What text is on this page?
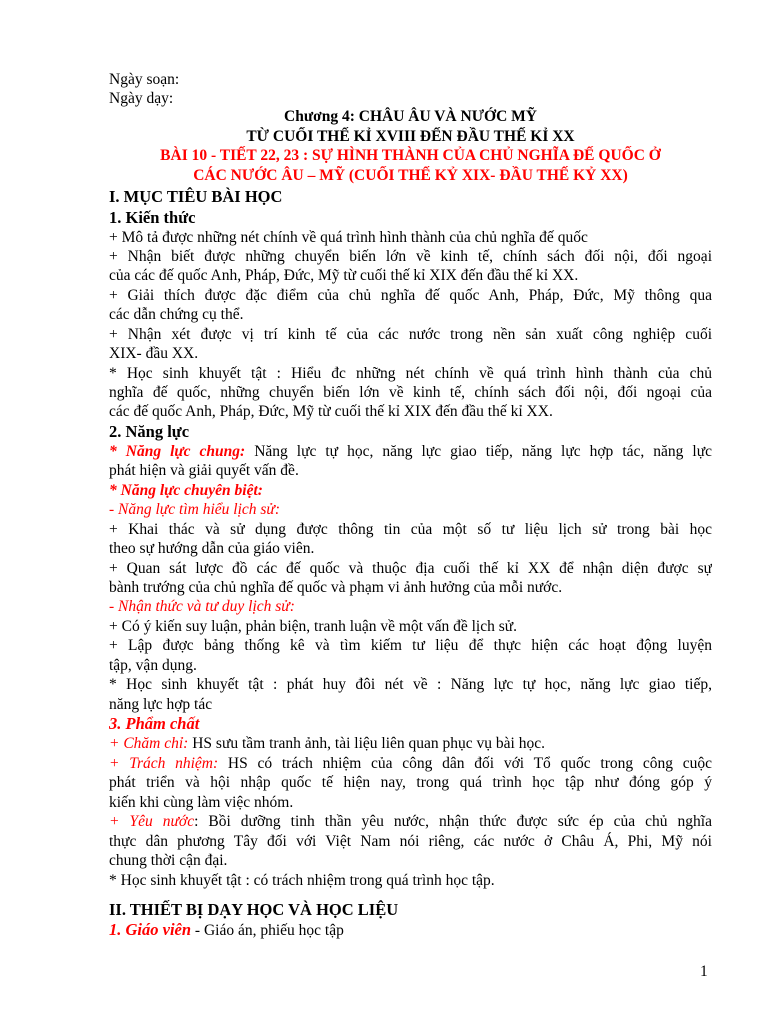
Ngày soạn:
Ngày dạy:
Chương 4: CHÂU ÂU VÀ NƯỚC MỸ
TỪ CUỐI THẾ KỈ XVIII ĐẾN ĐẦU THẾ KỈ XX
BÀI 10 - TIẾT 22, 23 : SỰ HÌNH THÀNH CỦA CHỦ NGHĨA ĐẾ QUỐC Ở
CÁC NƯỚC ÂU – MỸ (CUỐI THẾ KỶ XIX- ĐẦU THẾ KỶ XX)
I. MỤC TIÊU BÀI HỌC
1. Kiến thức
+ Mô tả được những nét chính về quá trình hình thành của chủ nghĩa đế quốc
+ Nhận biết được những chuyển biến lớn về kinh tế, chính sách đối nội, đối ngoại
của các đế quốc Anh, Pháp, Đức, Mỹ từ cuối thế kỉ XIX đến đầu thế kỉ XX.
+ Giải thích được đặc điểm của chủ nghĩa đế quốc Anh, Pháp, Đức, Mỹ thông qua
các dẫn chứng cụ thể.
+ Nhận xét được vị trí kinh tế của các nước trong nền sản xuất công nghiệp cuối
XIX- đầu XX.
* Học sinh khuyết tật : Hiểu đc những nét chính về quá trình hình thành của chủ
nghĩa đế quốc, những chuyển biến lớn về kinh tế, chính sách đối nội, đối ngoại của
các đế quốc Anh, Pháp, Đức, Mỹ từ cuối thế kỉ XIX đến đầu thế kỉ XX.
2. Năng lực
* Năng lực chung: Năng lực tự học, năng lực giao tiếp, năng lực hợp tác, năng lực
phát hiện và giải quyết vấn đề.
* Năng lực chuyên biệt:
- Năng lực tìm hiểu lịch sử:
+ Khai thác và sử dụng được thông tin của một số tư liệu lịch sử trong bài học
theo sự hướng dẫn của giáo viên.
+ Quan sát lược đồ các đế quốc và thuộc địa cuối thế kỉ XX để nhận diện được sự
bành trướng của chủ nghĩa đế quốc và phạm vi ảnh hưởng của mỗi nước.
- Nhận thức và tư duy lịch sử:
+ Có ý kiến suy luận, phản biện, tranh luận về một vấn đề lịch sử.
+ Lập được bảng thống kê và tìm kiếm tư liệu để thực hiện các hoạt động luyện
tập, vận dụng.
* Học sinh khuyết tật : phát huy đôi nét về : Năng lực tự học, năng lực giao tiếp,
năng lực hợp tác
3. Phẩm chất
+ Chăm chỉ: HS sưu tầm tranh ảnh, tài liệu liên quan phục vụ bài học.
+ Trách nhiệm: HS có trách nhiệm của công dân đối với Tổ quốc trong công cuộc
phát triển và hội nhập quốc tế hiện nay, trong quá trình học tập như đóng góp ý
kiến khi cùng làm việc nhóm.
+ Yêu nước: Bồi dưỡng tinh thần yêu nước, nhận thức được sức ép của chủ nghĩa
thực dân phương Tây đối với Việt Nam nói riêng, các nước ở Châu Á, Phi, Mỹ nói
chung thời cận đại.
* Học sinh khuyết tật : có trách nhiệm trong quá trình học tập.
II. THIẾT BỊ DẠY HỌC VÀ HỌC LIỆU
1. Giáo viên - Giáo án, phiếu học tập
1
